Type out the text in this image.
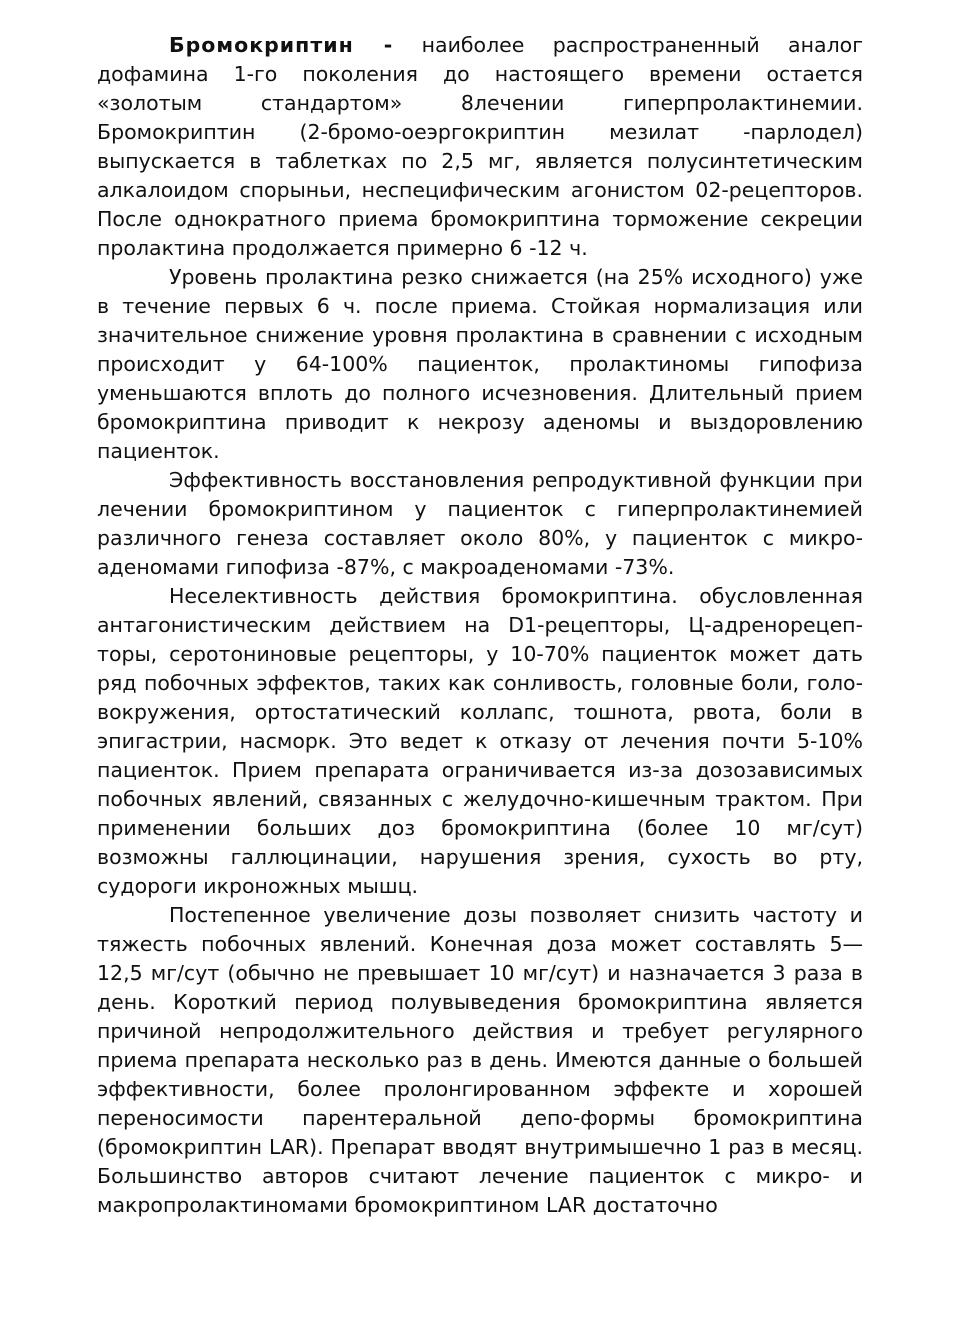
Бромокриптин - наиболее распространенный аналог дофамина 1-го поколения до настоящего времени остается «золотым стандартом» 8лечении гиперпролактинемии. Бромокриптин (2-бромо-оеэргокриптин мезилат -парлодел) выпускается в таблетках по 2,5 мг, является полусинтетическим алкалоидом спорыньи, неспецифическим агонистом 02-рецепторов. После однократного приема бромокриптина торможение секреции пролактина продолжается примерно 6 -12 ч.

Уровень пролактина резко снижается (на 25% исходного) уже в течение первых 6 ч. после приема. Стойкая нормализация или значительное снижение уровня пролактина в сравнении с исходным происходит у 64-100% пациенток, пролактиномы гипофиза уменьшаются вплоть до полного исчезновения. Длительный прием бромокриптина приводит к некрозу аденомы и выздоровлению пациенток.

Эффективность восстановления репродуктивной функции при лечении бромокриптином у пациенток с гиперпролактинемией различного генеза составляет около 80%, у пациенток с микро-аденомами гипофиза -87%, с макроаденомами -73%.

Неселективность действия бромокриптина. обусловленная антагонистическим действием на D1-рецепторы, Ц-адренорецеп-торы, серотониновые рецепторы, у 10-70% пациенток может дать ряд побочных эффектов, таких как сонливость, головные боли, голо-вокружения, ортостатический коллапс, тошнота, рвота, боли в эпигастрии, насморк. Это ведет к отказу от лечения почти 5-10% пациенток. Прием препарата ограничивается из-за дозозависимых побочных явлений, связанных с желудочно-кишечным трактом. При применении больших доз бромокриптина (более 10 мг/сут) возможны галлюцинации, нарушения зрения, сухость во рту, судороги икроножных мышц.

Постепенное увеличение дозы позволяет снизить частоту и тяжесть побочных явлений. Конечная доза может составлять 5— 12,5 мг/сут (обычно не превышает 10 мг/сут) и назначается 3 раза в день. Короткий период полувыведения бромокриптина является причиной непродолжительного действия и требует регулярного приема препарата несколько раз в день. Имеются данные о большей эффективности, более пролонгированном эффекте и хорошей переносимости парентеральной депо-формы бромокриптина (бромокриптин LAR). Препарат вводят внутримышечно 1 раз в месяц. Большинство авторов считают лечение пациенток с микро- и макропролактиномами бромокриптином LAR достаточно
